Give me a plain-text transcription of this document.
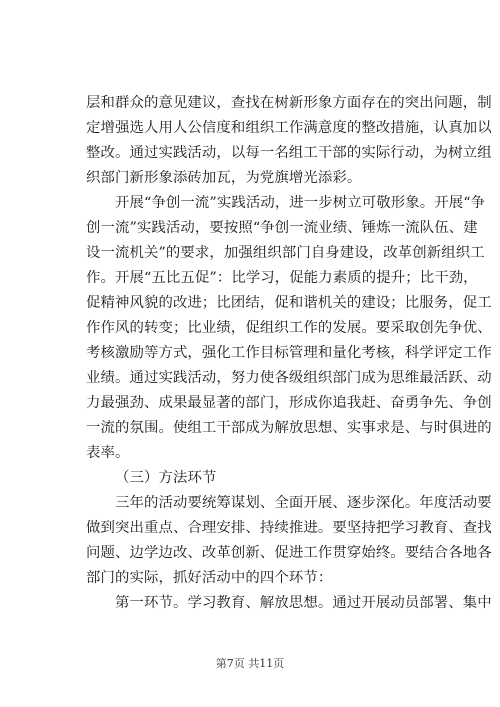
层和群众的意见建议，查找在树新形象方面存在的突出问题，制
定增强选人用人公信度和组织工作满意度的整改措施，认真加以
整改。通过实践活动，以每一名组工干部的实际行动，为树立组
织部门新形象添砖加瓦，为党旗增光添彩。
开展“争创一流”实践活动，进一步树立可敬形象。开展“争
创一流”实践活动，要按照“争创一流业绩、锤炼一流队伍、建
设一流机关”的要求，加强组织部门自身建设，改革创新组织工
作。开展“五比五促”：比学习，促能力素质的提升；比干劲，
促精神风貌的改进；比团结，促和谐机关的建设；比服务，促工
作作风的转变；比业绩，促组织工作的发展。要采取创先争优、
考核激励等方式，强化工作目标管理和量化考核，科学评定工作
业绩。通过实践活动，努力使各级组织部门成为思维最活跃、动
力最强劲、成果最显著的部门，形成你追我赶、奋勇争先、争创
一流的氛围。使组工干部成为解放思想、实事求是、与时俱进的
表率。
（三）方法环节
三年的活动要统筹谋划、全面开展、逐步深化。年度活动要
做到突出重点、合理安排、持续推进。要坚持把学习教育、查找
问题、边学边改、改革创新、促进工作贯穿始终。要结合各地各
部门的实际，抓好活动中的四个环节：
第一环节。学习教育、解放思想。通过开展动员部署、集中
第7页 共11页
